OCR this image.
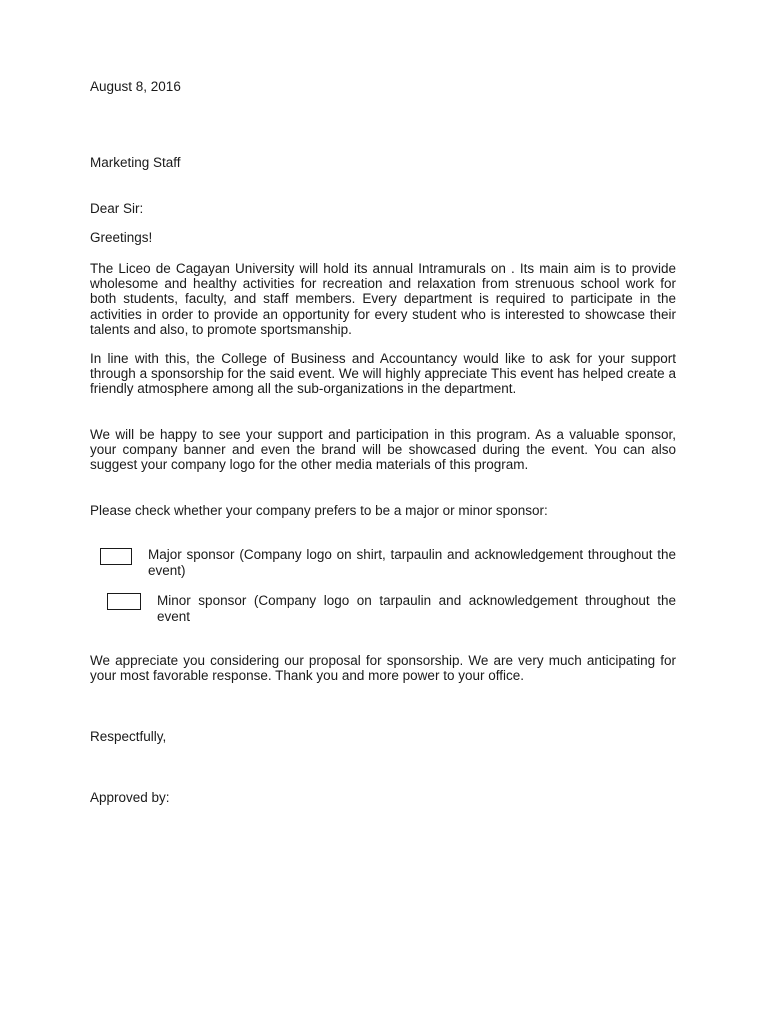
August 8, 2016

Marketing Staff

Dear Sir:

Greetings!

The Liceo de Cagayan University will hold its annual Intramurals on . Its main aim is to provide wholesome and healthy activities for recreation and relaxation from strenuous school work for both students, faculty, and staff members. Every department is required to participate in the activities in order to provide an opportunity for every student who is interested to showcase their talents and also, to promote sportsmanship.

In line with this, the College of Business and Accountancy would like to ask for your support through a sponsorship for the said event. We will highly appreciate This event has helped create a friendly atmosphere among all the sub-organizations in the department.

We will be happy to see your support and participation in this program. As a valuable sponsor, your company banner and even the brand will be showcased during the event. You can also suggest your company logo for the other media materials of this program.

Please check whether your company prefers to be a major or minor sponsor:

Major sponsor (Company logo on shirt, tarpaulin and acknowledgement throughout the event)

Minor sponsor (Company logo on tarpaulin and acknowledgement throughout the event

We appreciate you considering our proposal for sponsorship. We are very much anticipating for your most favorable response. Thank you and more power to your office.

Respectfully,

Approved by:
